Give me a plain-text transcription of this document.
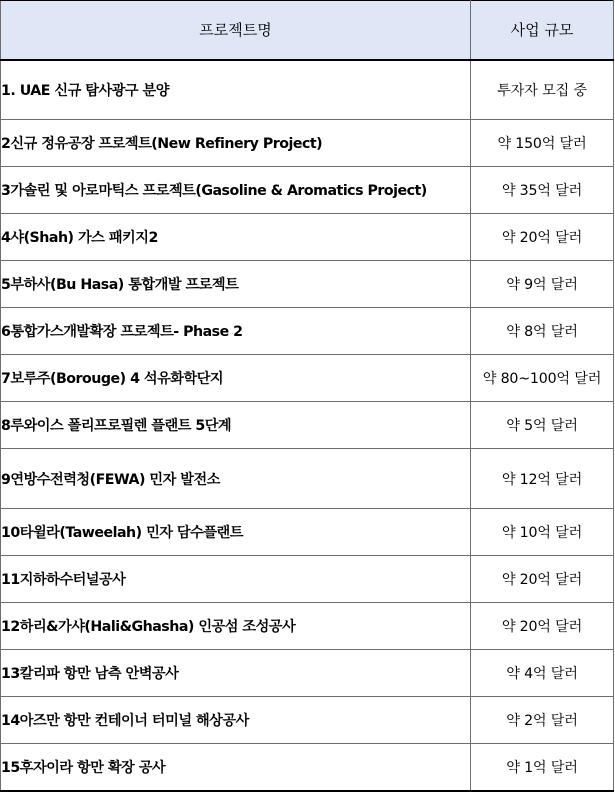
프로젝트명	사업 규모
1. UAE 신규 탐사광구 분양	투자자 모집 중
2신규 정유공장 프로젝트(New Refinery Project)	약 150억 달러
3가솔린 및 아로마틱스 프로젝트(Gasoline & Aromatics Project)	약 35억 달러
4샤(Shah) 가스 패키지2	약 20억 달러
5부하사(Bu Hasa) 통합개발 프로젝트	약 9억 달러
6통합가스개발확장 프로젝트- Phase 2	약 8억 달러
7보루주(Borouge) 4 석유화학단지	약 80~100억 달러
8루와이스 폴리프로필렌 플랜트 5단계	약 5억 달러
9연방수전력청(FEWA) 민자 발전소	약 12억 달러
10타윌라(Taweelah) 민자 담수플랜트	약 10억 달러
11지하하수터널공사	약 20억 달러
12하리&가샤(Hali&Ghasha) 인공섬 조성공사	약 20억 달러
13칼리파 항만 남측 안벽공사	약 4억 달러
14아즈만 항만 컨테이너 터미널 해상공사	약 2억 달러
15후자이라 항만 확장 공사	약 1억 달러
